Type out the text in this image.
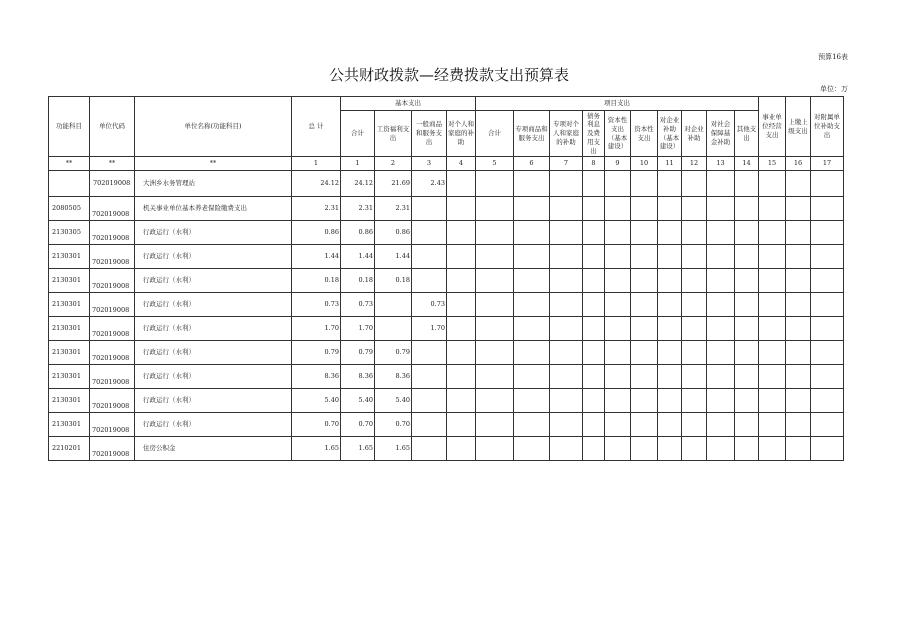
预算16表
公共财政拨款—经费拨款支出预算表
单位：万
功能科目	单位代码	单位名称(功能科目)	总 计	基本支出				项目支出										事业单位经营支出	上缴上级支出	对附属单位补助支出
				合计	工资福利支出	一般商品和服务支出	对个人和家庭的补助	合计	专项商品和服务支出	专项对个人和家庭的补助	债务利息及费用支出	资本性支出（基本建设）	资本性支出	对企业补助（基本建设）	对企业补助	对社会保障基金补助	其他支出			
**	**	**	1	1	2	3	4	5	6	7	8	9	10	11	12	13	14	15	16	17
	702019008	大洲乡水务管理站	24.12	24.12	21.69	2.43														
2080505	702019008	机关事业单位基本养老保险缴费支出	2.31	2.31	2.31															
2130305	702019008	行政运行（水利）	0.86	0.86	0.86															
2130301	702019008	行政运行（水利）	1.44	1.44	1.44															
2130301	702019008	行政运行（水利）	0.18	0.18	0.18															
2130301	702019008	行政运行（水利）	0.73	0.73		0.73														
2130301	702019008	行政运行（水利）	1.70	1.70		1.70														
2130301	702019008	行政运行（水利）	0.79	0.79	0.79															
2130301	702019008	行政运行（水利）	8.36	8.36	8.36															
2130301	702019008	行政运行（水利）	5.40	5.40	5.40															
2130301	702019008	行政运行（水利）	0.70	0.70	0.70															
2210201	702019008	住房公积金	1.65	1.65	1.65															
